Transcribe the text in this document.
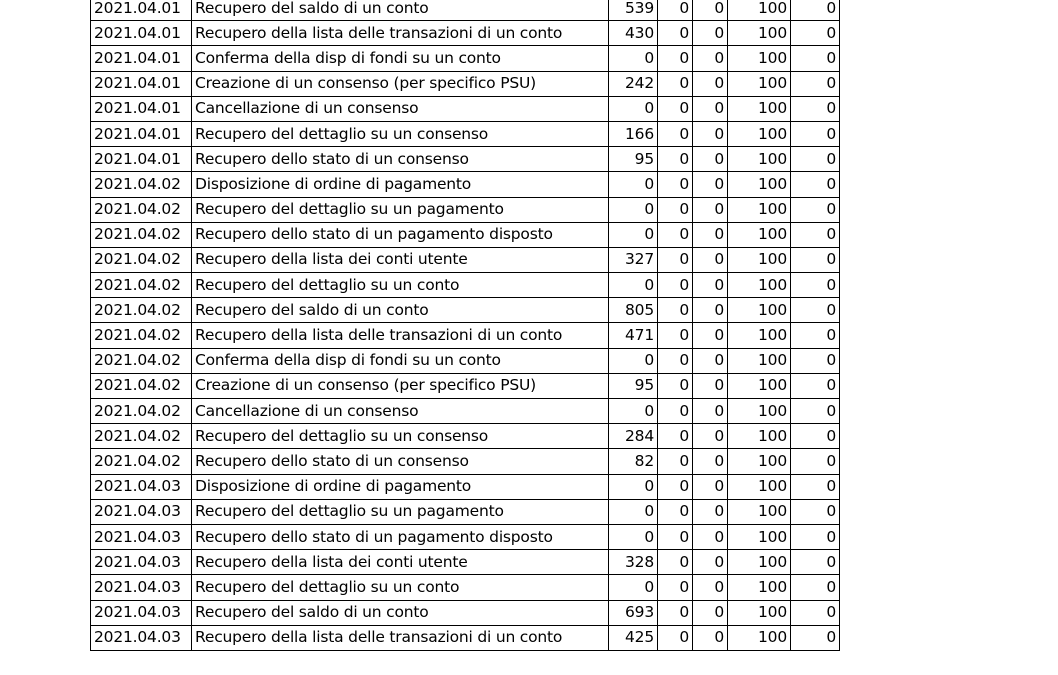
2021.04.01	Recupero del saldo di un conto	539	0	0	100	0
2021.04.01	Recupero della lista delle transazioni di un conto	430	0	0	100	0
2021.04.01	Conferma della disp di fondi su un conto	0	0	0	100	0
2021.04.01	Creazione di un consenso (per specifico PSU)	242	0	0	100	0
2021.04.01	Cancellazione di un consenso	0	0	0	100	0
2021.04.01	Recupero del dettaglio su un consenso	166	0	0	100	0
2021.04.01	Recupero dello stato di un consenso	95	0	0	100	0
2021.04.02	Disposizione di ordine di pagamento	0	0	0	100	0
2021.04.02	Recupero del dettaglio su un pagamento	0	0	0	100	0
2021.04.02	Recupero dello stato di un pagamento disposto	0	0	0	100	0
2021.04.02	Recupero della lista dei conti utente	327	0	0	100	0
2021.04.02	Recupero del dettaglio su un conto	0	0	0	100	0
2021.04.02	Recupero del saldo di un conto	805	0	0	100	0
2021.04.02	Recupero della lista delle transazioni di un conto	471	0	0	100	0
2021.04.02	Conferma della disp di fondi su un conto	0	0	0	100	0
2021.04.02	Creazione di un consenso (per specifico PSU)	95	0	0	100	0
2021.04.02	Cancellazione di un consenso	0	0	0	100	0
2021.04.02	Recupero del dettaglio su un consenso	284	0	0	100	0
2021.04.02	Recupero dello stato di un consenso	82	0	0	100	0
2021.04.03	Disposizione di ordine di pagamento	0	0	0	100	0
2021.04.03	Recupero del dettaglio su un pagamento	0	0	0	100	0
2021.04.03	Recupero dello stato di un pagamento disposto	0	0	0	100	0
2021.04.03	Recupero della lista dei conti utente	328	0	0	100	0
2021.04.03	Recupero del dettaglio su un conto	0	0	0	100	0
2021.04.03	Recupero del saldo di un conto	693	0	0	100	0
2021.04.03	Recupero della lista delle transazioni di un conto	425	0	0	100	0
